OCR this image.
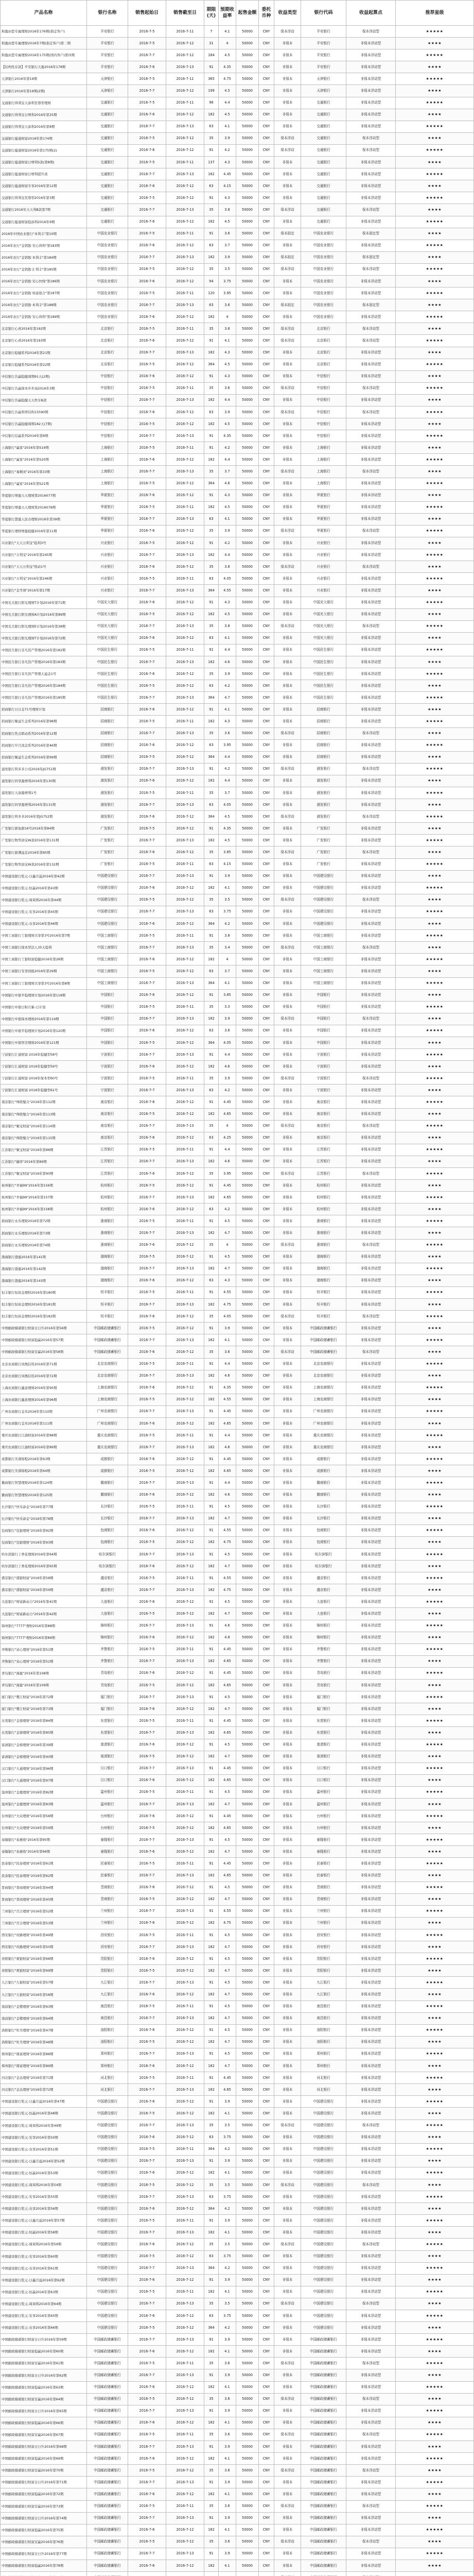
产品名称	银行名称	销售起始日	销售截至日	期限(天)	预期收益率	起售金额	委托币种	收益类型	银行代码	收益起算点	推荐星级
和盈由您专属理财2016年176期(指定客户)	平安银行	2016-7-5	2016-7-11	7	4.1	50000	CNY	保本浮动	平安银行	保本浮动型	★★★★★
和盈由您专属理财2016年7期(指定客户)第二期	平安银行	2016-7-5	2016-7-12	31	4	50000	CNY	非保本	平安银行	非保本浮动型	★★★★
和盈由您专属理财2016年175期(国内客户)第四期	平安银行	2016-7-7	2016-7-12	184	4.5	50000	CNY	非保本	平安银行	非保本浮动型	★★★★★
【结构性存款】平安银行天盈2016年178期	平安银行	2016-7-6	2016-7-13	91	4.35	50000	CNY	非保本	平安银行	非保本浮动型	★★★★
天津银行2016年第19期	天津银行	2016-7-5	2016-7-11	365	4.75	50000	CNY	非保本	天津银行	非保本浮动型	★★★★★
天津银行2016年第19期(2期)	天津银行	2016-7-7	2016-7-12	199	4.5	50000	CNY	非保本	天津银行	非保本浮动型	★★★★
交通银行得利宝天添利至尊型理财	交通银行	2016-7-5	2016-7-11	96	4.4	50000	CNY	非保本	交通银行	非保本浮动型	★★★★★
交通银行得利宝日增利2016年第25期	交通银行	2016-7-6	2016-7-12	182	4.5	50000	CNY	非保本	交通银行	非保本浮动型	★★★★
交通银行得利宝天添利2016年第8期	交通银行	2016-7-7	2016-7-13	63	4.1	50000	CNY	非保本	交通银行	非保本浮动型	★★★★★
交通银行蕴通财富2016年第174期	交通银行	2016-7-5	2016-7-12	35	3.9	50000	CNY	保本浮动	交通银行	保本浮动型	★★★★
交通银行蕴通财富2016年第175期(2)	交通银行	2016-7-6	2016-7-12	91	4.2	50000	CNY	保本浮动	交通银行	保本浮动型	★★★★★
交通银行蕴通财富日增利S款(第8期)	交通银行	2016-7-5	2016-7-11	137	4.3	50000	CNY	非保本	交通银行	非保本浮动型	★★★★
交通银行蕴通财富日增利提升款	交通银行	2016-7-7	2016-7-13	182	4.45	50000	CNY	非保本	交通银行	非保本浮动型	★★★★★
交通银行蕴通财富专享2016年第12期	交通银行	2016-7-6	2016-7-12	63	4.15	50000	CNY	非保本	交通银行	非保本浮动型	★★★★
交通银行得利宝至尊型2016年第3期	交通银行	2016-7-5	2016-7-12	91	4.3	50000	CNY	非保本	交通银行	非保本浮动型	★★★★★
交通银行2016年天天利B款第7期	交通银行	2016-7-7	2016-7-13	35	3.8	50000	CNY	保本浮动	交通银行	保本浮动型	★★★★
交通银行蕴通财富稳添利2016年9期	交通银行	2016-7-6	2016-7-12	182	4.5	50000	CNY	非保本	交通银行	非保本浮动型	★★★★★
2016年中国农业银行"本利丰"第10期	中国农业银行	2016-7-5	2016-7-11	91	3.6	50000	CNY	保本固定	中国农业银行	保本固定型	★★★★
2016年农行"金钥匙·安心得利"第183期	中国农业银行	2016-7-6	2016-7-12	63	3.7	50000	CNY	非保本	中国农业银行	非保本浮动型	★★★★★
2016年农行"金钥匙·本利丰"第184期	中国农业银行	2016-7-7	2016-7-13	182	3.9	50000	CNY	保本固定	中国农业银行	保本固定型	★★★★
2016年农行"金钥匙·汇利丰"第185期	中国农业银行	2016-7-5	2016-7-12	35	3.5	50000	CNY	保本浮动	中国农业银行	保本浮动型	★★★★★
2016年农行"金钥匙·安心快线"第186期	中国农业银行	2016-7-6	2016-7-12	94	3.75	50000	CNY	非保本	中国农业银行	非保本浮动型	★★★★
2016年农行"金钥匙·如意组合"第187期	中国农业银行	2016-7-5	2016-7-11	120	3.95	50000	CNY	非保本	中国农业银行	非保本浮动型	★★★★★
2016年农行"金钥匙·本利丰"第188期	中国农业银行	2016-7-7	2016-7-13	63	3.6	50000	CNY	保本固定	中国农业银行	保本固定型	★★★★
2016年农行"金钥匙·安心得利"第189期	中国农业银行	2016-7-6	2016-7-12	182	4	50000	CNY	非保本	中国农业银行	非保本浮动型	★★★★★
北京银行心喜2016年第192期	北京银行	2016-7-5	2016-7-11	35	3.8	50000	CNY	保本浮动	北京银行	保本浮动型	★★★★
北京银行心喜2016年第193期	北京银行	2016-7-6	2016-7-12	91	4.1	50000	CNY	保本浮动	北京银行	保本浮动型	★★★★★
北京银行稳健系列2016年第21期	北京银行	2016-7-7	2016-7-13	182	4.3	50000	CNY	非保本	北京银行	非保本浮动型	★★★★
北京银行稳健系列2016年第22期	北京银行	2016-7-5	2016-7-12	364	4.5	50000	CNY	非保本	北京银行	非保本浮动型	★★★★★
中信银行共赢稳健周期91天(2期)	中信银行	2016-7-6	2016-7-12	91	4.3	50000	CNY	非保本	中信银行	非保本浮动型	★★★★
中信银行共赢保本步步高2016年3期	中信银行	2016-7-5	2016-7-11	35	3.6	50000	CNY	保本浮动	中信银行	保本浮动型	★★★★★
中信银行共赢稳健天天快车B款	中信银行	2016-7-7	2016-7-13	182	4.4	50000	CNY	非保本	中信银行	非保本浮动型	★★★★
中信银行共赢利率结构15590期	中信银行	2016-7-6	2016-7-12	63	3.9	50000	CNY	保本浮动	中信银行	保本浮动型	★★★★★
中信银行共赢稳健周期182天(7期)	中信银行	2016-7-5	2016-7-12	182	4.5	50000	CNY	非保本	中信银行	非保本浮动型	★★★★
中信银行信赢系列2016年第8期	中信银行	2016-7-7	2016-7-13	91	4.35	50000	CNY	非保本	中信银行	非保本浮动型	★★★★★
上海银行"赢家"2016年第S19期	上海银行	2016-7-5	2016-7-11	91	4.2	50000	CNY	非保本	上海银行	非保本浮动型	★★★★
上海银行"赢家"2016年第S20期	上海银行	2016-7-6	2016-7-12	182	4.4	50000	CNY	非保本	上海银行	非保本浮动型	★★★★★
上海银行"易精灵"2016年第33期	上海银行	2016-7-7	2016-7-13	35	3.7	50000	CNY	保本浮动	上海银行	保本浮动型	★★★★
上海银行"赢家"2016年第S21期	上海银行	2016-7-5	2016-7-12	364	4.6	50000	CNY	非保本	上海银行	非保本浮动型	★★★★★
华夏银行增盈天天理财第2016077期	华夏银行	2016-7-6	2016-7-12	91	4.3	50000	CNY	非保本	华夏银行	非保本浮动型	★★★★
华夏银行增盈天天理财第2016078期	华夏银行	2016-7-5	2016-7-11	182	4.5	50000	CNY	非保本	华夏银行	非保本浮动型	★★★★★
华夏银行慧盈人民币理财2016年第39期	华夏银行	2016-7-7	2016-7-13	63	4.1	50000	CNY	非保本	华夏银行	非保本浮动型	★★★★
华夏银行理财增盈稳健2016年第11期	华夏银行	2016-7-6	2016-7-12	35	3.9	50000	CNY	保本浮动	华夏银行	保本浮动型	★★★★★
兴业银行"天天万利宝"稳利3号	兴业银行	2016-7-5	2016-7-12	91	4.2	50000	CNY	非保本	兴业银行	非保本浮动型	★★★★
兴业银行"万利宝"2016年第245期	兴业银行	2016-7-7	2016-7-13	182	4.4	50000	CNY	非保本	兴业银行	非保本浮动型	★★★★★
兴业银行"天天万利宝"悦动1号	兴业银行	2016-7-6	2016-7-12	35	3.8	50000	CNY	保本浮动	兴业银行	保本浮动型	★★★★
兴业银行"万利宝"2016年第246期	兴业银行	2016-7-5	2016-7-11	63	4.05	50000	CNY	非保本	兴业银行	非保本浮动型	★★★★★
兴业银行"金雪球"2016年第17期	兴业银行	2016-7-7	2016-7-13	364	4.55	50000	CNY	非保本	兴业银行	非保本浮动型	★★★★
中国光大银行阳光理财T计划2016年第71期	中国光大银行	2016-7-6	2016-7-12	91	4.3	50000	CNY	非保本	中国光大银行	非保本浮动型	★★★★★
中国光大银行阳光理财A计划2016年第89期	中国光大银行	2016-7-5	2016-7-12	182	4.5	50000	CNY	非保本	中国光大银行	非保本浮动型	★★★★
中国光大银行阳光理财E计划2016年第38期	中国光大银行	2016-7-7	2016-7-13	35	3.8	50000	CNY	保本浮动	中国光大银行	保本浮动型	★★★★★
中国光大银行阳光理财T计划2016年第72期	中国光大银行	2016-7-6	2016-7-12	63	4.1	50000	CNY	非保本	中国光大银行	非保本浮动型	★★★★
中国民生银行非凡资产管理2016年第182期	中国民生银行	2016-7-5	2016-7-11	91	4.4	50000	CNY	非保本	中国民生银行	非保本浮动型	★★★★★
中国民生银行非凡资产管理2016年第183期	中国民生银行	2016-7-7	2016-7-13	182	4.6	50000	CNY	非保本	中国民生银行	非保本浮动型	★★★★
中国民生银行非凡资产管理天溢金1号	中国民生银行	2016-7-6	2016-7-12	35	3.9	50000	CNY	非保本	中国民生银行	非保本浮动型	★★★★★
中国民生银行非凡资产管理2016年第184期	中国民生银行	2016-7-5	2016-7-12	63	4.2	50000	CNY	非保本	中国民生银行	非保本浮动型	★★★★
中国民生银行非凡资产管理2016年第185期	中国民生银行	2016-7-7	2016-7-13	364	4.7	50000	CNY	非保本	中国民生银行	非保本浮动型	★★★★★
招商银行日日金71号理财计划	招商银行	2016-7-6	2016-7-12	91	4.1	50000	CNY	非保本	招商银行	非保本浮动型	★★★★
招商银行聚益生金系列2016年第98期	招商银行	2016-7-5	2016-7-11	182	4.3	50000	CNY	非保本	招商银行	非保本浮动型	★★★★★
招商银行焦点联动系列2016年第12期	招商银行	2016-7-7	2016-7-13	35	3.6	50000	CNY	保本浮动	招商银行	保本浮动型	★★★★
招商银行岁月流金系列2016年第46期	招商银行	2016-7-6	2016-7-12	63	3.95	50000	CNY	非保本	招商银行	非保本浮动型	★★★★★
招商银行聚益生金系列2016年第99期	招商银行	2016-7-5	2016-7-12	364	4.4	50000	CNY	非保本	招商银行	非保本浮动型	★★★★
浦发银行利多多公司2016年JG751期	浦发银行	2016-7-7	2016-7-13	91	4.2	50000	CNY	保本浮动	浦发银行	保本浮动型	★★★★★
浦发银行同享盈增利2016年第130期	浦发银行	2016-7-6	2016-7-12	182	4.4	50000	CNY	非保本	浦发银行	非保本浮动型	★★★★
浦发银行天添盈增利1号	浦发银行	2016-7-5	2016-7-11	35	3.7	50000	CNY	非保本	浦发银行	非保本浮动型	★★★★★
浦发银行同享盈增利2016年第131期	浦发银行	2016-7-7	2016-7-13	63	4.05	50000	CNY	非保本	浦发银行	非保本浮动型	★★★★
浦发银行利多多2016年第JG752期	浦发银行	2016-7-6	2016-7-12	364	4.5	50000	CNY	保本浮动	浦发银行	保本浮动型	★★★★★
广发银行薪加薪16号2016年第84期	广发银行	2016-7-5	2016-7-12	91	4.35	50000	CNY	非保本	广发银行	非保本浮动型	★★★★
广发银行物华添宝W款2016年第131期	广发银行	2016-7-7	2016-7-13	182	4.5	50000	CNY	非保本	广发银行	非保本浮动型	★★★★★
广发银行薪满益足2016年第85期	广发银行	2016-7-6	2016-7-12	35	3.85	50000	CNY	保本浮动	广发银行	保本浮动型	★★★★
广发银行物华添宝W款2016年第132期	广发银行	2016-7-5	2016-7-11	63	4.15	50000	CNY	非保本	广发银行	非保本浮动型	★★★★★
中国建设银行乾元-日鑫月溢2016年第42期	中国建设银行	2016-7-7	2016-7-13	91	3.9	50000	CNY	非保本	中国建设银行	非保本浮动型	★★★★
中国建设银行乾元-恒赢2016年第43期	中国建设银行	2016-7-6	2016-7-12	182	4.1	50000	CNY	非保本	中国建设银行	非保本浮动型	★★★★★
中国建设银行乾元-周周利2016年第44期	中国建设银行	2016-7-5	2016-7-12	35	3.5	50000	CNY	保本浮动	中国建设银行	保本浮动型	★★★★
中国建设银行乾元-安享2016年第45期	中国建设银行	2016-7-7	2016-7-13	63	3.75	50000	CNY	非保本	中国建设银行	非保本浮动型	★★★★★
中国建设银行乾元-众享2016年第46期	中国建设银行	2016-7-6	2016-7-12	364	4.2	50000	CNY	非保本	中国建设银行	非保本浮动型	★★★★
中国工商银行工银理财共享第3号2016年第7期	中国工商银行	2016-7-5	2016-7-11	91	3.8	50000	CNY	非保本	中国工商银行	非保本浮动型	★★★★★
中国工商银行保本型法人35天稳利	中国工商银行	2016-7-7	2016-7-13	35	3.4	50000	CNY	保本浮动	中国工商银行	保本浮动型	★★★★
中国工商银行工银财富稳健2016年第28期	中国工商银行	2016-7-6	2016-7-12	182	4	50000	CNY	非保本	中国工商银行	非保本浮动型	★★★★★
中国工商银行安享回报2016年第29期	中国工商银行	2016-7-5	2016-7-12	63	3.7	50000	CNY	非保本	中国工商银行	非保本浮动型	★★★★
中国工商银行工银理财共享第3号2016年第8期	中国工商银行	2016-7-7	2016-7-13	364	4.1	50000	CNY	非保本	中国工商银行	非保本浮动型	★★★★★
中国银行中银平稳理财计划2016年第118期	中国银行	2016-7-6	2016-7-12	91	3.85	50000	CNY	非保本	中国银行	非保本浮动型	★★★★
中国银行中银日积月累-日计划	中国银行	2016-7-5	2016-7-11	35	3.3	50000	CNY	非保本	中国银行	非保本浮动型	★★★★★
中国银行中银保本理财2016年第119期	中国银行	2016-7-7	2016-7-13	182	3.9	50000	CNY	保本浮动	中国银行	保本浮动型	★★★★
中国银行中银平稳理财计划2016年第120期	中国银行	2016-7-6	2016-7-12	63	3.6	50000	CNY	非保本	中国银行	非保本浮动型	★★★★★
中国银行中银智荟理财2016年第121期	中国银行	2016-7-5	2016-7-12	364	4.05	50000	CNY	非保本	中国银行	非保本浮动型	★★★★
宁波银行汇通财富·2016年稳健型58号	宁波银行	2016-7-7	2016-7-13	91	4.4	50000	CNY	非保本	宁波银行	非保本浮动型	★★★★★
宁波银行汇通财富·2016年稳健型59号	宁波银行	2016-7-6	2016-7-12	182	4.6	50000	CNY	非保本	宁波银行	非保本浮动型	★★★★
宁波银行汇通财富·2016年保本型60号	宁波银行	2016-7-5	2016-7-11	35	3.9	50000	CNY	保本浮动	宁波银行	保本浮动型	★★★★★
宁波银行汇通财富·2016年稳健型61号	宁波银行	2016-7-7	2016-7-13	63	4.2	50000	CNY	非保本	宁波银行	非保本浮动型	★★★★
南京银行"珠联璧合"2016年第112期	南京银行	2016-7-6	2016-7-12	91	4.45	50000	CNY	非保本	南京银行	非保本浮动型	★★★★★
南京银行"珠联璧合"2016年第113期	南京银行	2016-7-5	2016-7-12	182	4.65	50000	CNY	非保本	南京银行	非保本浮动型	★★★★
南京银行"聚宝财富"2016年第114期	南京银行	2016-7-7	2016-7-13	35	4	50000	CNY	保本浮动	南京银行	保本浮动型	★★★★★
南京银行"珠联璧合"2016年第115期	南京银行	2016-7-6	2016-7-12	63	4.25	50000	CNY	非保本	南京银行	非保本浮动型	★★★★
江苏银行"聚宝财富"2016年第88期	江苏银行	2016-7-5	2016-7-11	91	4.4	50000	CNY	非保本	江苏银行	非保本浮动型	★★★★★
江苏银行"融享"2016年第89期	江苏银行	2016-7-7	2016-7-13	182	4.6	50000	CNY	非保本	江苏银行	非保本浮动型	★★★★
江苏银行"聚宝财富"2016年第90期	江苏银行	2016-7-6	2016-7-12	35	3.95	50000	CNY	保本浮动	江苏银行	保本浮动型	★★★★★
杭州银行"幸福99"2016年第156期	杭州银行	2016-7-5	2016-7-12	91	4.45	50000	CNY	非保本	杭州银行	非保本浮动型	★★★★
杭州银行"幸福99"2016年第157期	杭州银行	2016-7-7	2016-7-13	182	4.65	50000	CNY	非保本	杭州银行	非保本浮动型	★★★★★
杭州银行"幸福99"2016年第158期	杭州银行	2016-7-6	2016-7-12	63	4.2	50000	CNY	非保本	杭州银行	非保本浮动型	★★★★
浙商银行永乐理财2016年第72期	浙商银行	2016-7-5	2016-7-11	91	4.5	50000	CNY	非保本	浙商银行	非保本浮动型	★★★★★
浙商银行永乐理财2016年第73期	浙商银行	2016-7-7	2016-7-13	182	4.7	50000	CNY	非保本	浙商银行	非保本浮动型	★★★★
浙商银行永乐理财2016年第74期	浙商银行	2016-7-6	2016-7-12	35	4	50000	CNY	保本浮动	浙商银行	保本浮动型	★★★★★
渤海银行渤盈2016年第141期	渤海银行	2016-7-5	2016-7-12	91	4.5	50000	CNY	非保本	渤海银行	非保本浮动型	★★★★
渤海银行渤盈2016年第142期	渤海银行	2016-7-7	2016-7-13	182	4.7	50000	CNY	非保本	渤海银行	非保本浮动型	★★★★★
渤海银行渤盈2016年第143期	渤海银行	2016-7-6	2016-7-12	63	4.3	50000	CNY	非保本	渤海银行	非保本浮动型	★★★★
恒丰银行恒裕金理财2016年第180期	恒丰银行	2016-7-5	2016-7-11	91	4.55	50000	CNY	非保本	恒丰银行	非保本浮动型	★★★★★
恒丰银行恒裕金理财2016年第181期	恒丰银行	2016-7-7	2016-7-13	182	4.75	50000	CNY	非保本	恒丰银行	非保本浮动型	★★★★
恒丰银行恒裕金理财2016年第182期	恒丰银行	2016-7-6	2016-7-12	35	4.05	50000	CNY	保本浮动	恒丰银行	保本浮动型	★★★★★
中国邮政储蓄银行财富日日升2016年第56期	中国邮政储蓄银行	2016-7-5	2016-7-12	91	3.9	50000	CNY	非保本	中国邮政储蓄银行	非保本浮动型	★★★★
中国邮政储蓄银行财富稳赢2016年第57期	中国邮政储蓄银行	2016-7-7	2016-7-13	182	4.1	50000	CNY	非保本	中国邮政储蓄银行	非保本浮动型	★★★★★
中国邮政储蓄银行财富安赢2016年第58期	中国邮政储蓄银行	2016-7-6	2016-7-12	35	3.6	50000	CNY	保本浮动	中国邮政储蓄银行	保本浮动型	★★★★
北京农商银行凤凰信用2016年第71期	北京农商银行	2016-7-5	2016-7-11	91	4.4	50000	CNY	非保本	北京农商银行	非保本浮动型	★★★★★
北京农商银行凤凰信用2016年第72期	北京农商银行	2016-7-7	2016-7-13	182	4.6	50000	CNY	非保本	北京农商银行	非保本浮动型	★★★★
上海农商银行鑫意理财2016年第95期	上海农商银行	2016-7-6	2016-7-12	91	4.35	50000	CNY	非保本	上海农商银行	非保本浮动型	★★★★★
上海农商银行鑫意理财2016年第96期	上海农商银行	2016-7-5	2016-7-12	182	4.55	50000	CNY	非保本	上海农商银行	非保本浮动型	★★★★
广州农商银行金米2016年第110期	广州农商银行	2016-7-7	2016-7-13	91	4.45	50000	CNY	非保本	广州农商银行	非保本浮动型	★★★★★
广州农商银行金米2016年第111期	广州农商银行	2016-7-6	2016-7-12	182	4.65	50000	CNY	非保本	广州农商银行	非保本浮动型	★★★★
重庆农商银行江渝财富2016年第88期	重庆农商银行	2016-7-5	2016-7-11	91	4.4	50000	CNY	非保本	重庆农商银行	非保本浮动型	★★★★★
重庆农商银行江渝财富2016年第89期	重庆农商银行	2016-7-7	2016-7-13	182	4.6	50000	CNY	非保本	重庆农商银行	非保本浮动型	★★★★
成都银行芙蓉锦程2016年第63期	成都银行	2016-7-6	2016-7-12	91	4.45	50000	CNY	非保本	成都银行	非保本浮动型	★★★★★
成都银行芙蓉锦程2016年第64期	成都银行	2016-7-5	2016-7-12	182	4.65	50000	CNY	非保本	成都银行	非保本浮动型	★★★★
徽商银行智慧理财2016年第124期	徽商银行	2016-7-7	2016-7-13	91	4.4	50000	CNY	非保本	徽商银行	非保本浮动型	★★★★★
徽商银行智慧理财2016年第125期	徽商银行	2016-7-6	2016-7-12	182	4.6	50000	CNY	非保本	徽商银行	非保本浮动型	★★★★
长沙银行"快乐添金"2016年第77期	长沙银行	2016-7-5	2016-7-11	91	4.5	50000	CNY	非保本	长沙银行	非保本浮动型	★★★★★
长沙银行"快乐添金"2016年第78期	长沙银行	2016-7-7	2016-7-13	182	4.7	50000	CNY	非保本	长沙银行	非保本浮动型	★★★★
包商银行"包银理财"2016年第92期	包商银行	2016-7-6	2016-7-12	91	4.55	50000	CNY	非保本	包商银行	非保本浮动型	★★★★★
包商银行"包银理财"2016年第93期	包商银行	2016-7-5	2016-7-12	182	4.75	50000	CNY	非保本	包商银行	非保本浮动型	★★★★
哈尔滨银行丁香花理财2016年第64期	哈尔滨银行	2016-7-7	2016-7-13	91	4.5	50000	CNY	非保本	哈尔滨银行	非保本浮动型	★★★★★
哈尔滨银行丁香花理财2016年第65期	哈尔滨银行	2016-7-6	2016-7-12	182	4.7	50000	CNY	非保本	哈尔滨银行	非保本浮动型	★★★★
盛京银行"盛银财富"2016年第58期	盛京银行	2016-7-5	2016-7-11	91	4.55	50000	CNY	非保本	盛京银行	非保本浮动型	★★★★★
盛京银行"盛银财富"2016年第59期	盛京银行	2016-7-7	2016-7-13	182	4.75	50000	CNY	非保本	盛京银行	非保本浮动型	★★★★
大连银行"财富新动力"2016年第41期	大连银行	2016-7-6	2016-7-12	91	4.5	50000	CNY	非保本	大连银行	非保本浮动型	★★★★★
大连银行"财富新动力"2016年第42期	大连银行	2016-7-5	2016-7-12	182	4.7	50000	CNY	非保本	大连银行	非保本浮动型	★★★★
锦州银行"7777"理财2016年第88期	锦州银行	2016-7-7	2016-7-13	91	4.6	50000	CNY	非保本	锦州银行	非保本浮动型	★★★★★
锦州银行"7777"理财2016年第89期	锦州银行	2016-7-6	2016-7-12	182	4.8	50000	CNY	非保本	锦州银行	非保本浮动型	★★★★
齐鲁银行"泉心理财"2016年第51期	齐鲁银行	2016-7-5	2016-7-11	91	4.45	50000	CNY	非保本	齐鲁银行	非保本浮动型	★★★★★
齐鲁银行"泉心理财"2016年第52期	齐鲁银行	2016-7-7	2016-7-13	182	4.65	50000	CNY	非保本	齐鲁银行	非保本浮动型	★★★★
青岛银行"海盈"2016年第108期	青岛银行	2016-7-6	2016-7-12	91	4.45	50000	CNY	非保本	青岛银行	非保本浮动型	★★★★★
青岛银行"海盈"2016年第109期	青岛银行	2016-7-5	2016-7-12	182	4.65	50000	CNY	非保本	青岛银行	非保本浮动型	★★★★
厦门银行"鹭江财富"2016年第72期	厦门银行	2016-7-7	2016-7-13	91	4.5	50000	CNY	非保本	厦门银行	非保本浮动型	★★★★★
厦门银行"鹭江财富"2016年第73期	厦门银行	2016-7-6	2016-7-12	182	4.7	50000	CNY	非保本	厦门银行	非保本浮动型	★★★★
东莞银行"金鼎理财"2016年第84期	东莞银行	2016-7-5	2016-7-11	91	4.45	50000	CNY	非保本	东莞银行	非保本浮动型	★★★★★
东莞银行"金鼎理财"2016年第85期	东莞银行	2016-7-7	2016-7-13	182	4.65	50000	CNY	非保本	东莞银行	非保本浮动型	★★★★
富滇银行"金榜理财"2016年第39期	富滇银行	2016-7-6	2016-7-12	91	4.5	50000	CNY	非保本	富滇银行	非保本浮动型	★★★★★
富滇银行"金榜理财"2016年第40期	富滇银行	2016-7-5	2016-7-12	182	4.7	50000	CNY	非保本	富滇银行	非保本浮动型	★★★★
汉口银行"九通理财"2016年第96期	汉口银行	2016-7-7	2016-7-13	91	4.45	50000	CNY	非保本	汉口银行	非保本浮动型	★★★★★
汉口银行"九通理财"2016年第97期	汉口银行	2016-7-6	2016-7-12	182	4.65	50000	CNY	非保本	汉口银行	非保本浮动型	★★★★
温州银行"金鹿理财"2016年第82期	温州银行	2016-7-5	2016-7-11	91	4.5	50000	CNY	非保本	温州银行	非保本浮动型	★★★★★
温州银行"金鹿理财"2016年第83期	温州银行	2016-7-7	2016-7-13	182	4.7	50000	CNY	非保本	温州银行	非保本浮动型	★★★★
台州银行"大众理财"2016年第58期	台州银行	2016-7-6	2016-7-12	91	4.45	50000	CNY	非保本	台州银行	非保本浮动型	★★★★★
台州银行"大众理财"2016年第59期	台州银行	2016-7-5	2016-7-12	182	4.65	50000	CNY	非保本	台州银行	非保本浮动型	★★★★
泰隆银行"泰惠收"2016年第95期	泰隆银行	2016-7-7	2016-7-13	91	4.5	50000	CNY	非保本	泰隆银行	非保本浮动型	★★★★★
泰隆银行"泰惠收"2016年第96期	泰隆银行	2016-7-6	2016-7-12	182	4.7	50000	CNY	非保本	泰隆银行	非保本浮动型	★★★★
民泰银行"民泰理财"2016年第61期	民泰银行	2016-7-5	2016-7-11	91	4.45	50000	CNY	非保本	民泰银行	非保本浮动型	★★★★★
民泰银行"民泰理财"2016年第62期	民泰银行	2016-7-7	2016-7-13	182	4.65	50000	CNY	非保本	民泰银行	非保本浮动型	★★★★
晋商银行"晋商理财"2016年第44期	晋商银行	2016-7-6	2016-7-12	91	4.5	50000	CNY	非保本	晋商银行	非保本浮动型	★★★★★
晋商银行"晋商理财"2016年第45期	晋商银行	2016-7-5	2016-7-12	182	4.7	50000	CNY	非保本	晋商银行	非保本浮动型	★★★★
兰州银行"百合理财"2016年第52期	兰州银行	2016-7-7	2016-7-13	91	4.55	50000	CNY	非保本	兰州银行	非保本浮动型	★★★★★
兰州银行"百合理财"2016年第53期	兰州银行	2016-7-6	2016-7-12	182	4.75	50000	CNY	非保本	兰州银行	非保本浮动型	★★★★
西安银行"丝路理财"2016年第49期	西安银行	2016-7-5	2016-7-11	91	4.5	50000	CNY	非保本	西安银行	非保本浮动型	★★★★★
西安银行"丝路理财"2016年第50期	西安银行	2016-7-7	2016-7-13	182	4.7	50000	CNY	非保本	西安银行	非保本浮动型	★★★★
贵阳银行"爽银财富"2016年第68期	贵阳银行	2016-7-6	2016-7-12	91	4.5	50000	CNY	非保本	贵阳银行	非保本浮动型	★★★★★
贵阳银行"爽银财富"2016年第69期	贵阳银行	2016-7-5	2016-7-12	182	4.7	50000	CNY	非保本	贵阳银行	非保本浮动型	★★★★
九江银行"九银财富"2016年第57期	九江银行	2016-7-7	2016-7-13	91	4.5	50000	CNY	非保本	九江银行	非保本浮动型	★★★★★
九江银行"九银财富"2016年第58期	九江银行	2016-7-6	2016-7-12	182	4.7	50000	CNY	非保本	九江银行	非保本浮动型	★★★★
南昌银行"金鹭理财"2016年第63期	南昌银行	2016-7-5	2016-7-11	91	4.5	50000	CNY	非保本	南昌银行	非保本浮动型	★★★★★
南昌银行"金鹭理财"2016年第64期	南昌银行	2016-7-7	2016-7-13	182	4.7	50000	CNY	非保本	南昌银行	非保本浮动型	★★★★
洛阳银行"牡丹理财"2016年第47期	洛阳银行	2016-7-6	2016-7-12	91	4.5	50000	CNY	非保本	洛阳银行	非保本浮动型	★★★★★
洛阳银行"牡丹理财"2016年第48期	洛阳银行	2016-7-5	2016-7-12	182	4.7	50000	CNY	非保本	洛阳银行	非保本浮动型	★★★★
郑州银行"鼎富理财"2016年第88期	郑州银行	2016-7-7	2016-7-13	91	4.5	50000	CNY	非保本	郑州银行	非保本浮动型	★★★★★
郑州银行"鼎富理财"2016年第89期	郑州银行	2016-7-6	2016-7-12	182	4.7	50000	CNY	非保本	郑州银行	非保本浮动型	★★★★
河北银行"金达理财"2016年第71期	河北银行	2016-7-5	2016-7-11	91	4.45	50000	CNY	非保本	河北银行	非保本浮动型	★★★★★
河北银行"金达理财"2016年第72期	河北银行	2016-7-7	2016-7-13	182	4.65	50000	CNY	非保本	河北银行	非保本浮动型	★★★★
中国建设银行乾元-日鑫月溢2016年第47期	中国建设银行	2016-7-6	2016-7-12	91	3.9	50000	CNY	非保本	中国建设银行	非保本浮动型	★★★★★
中国建设银行乾元-恒赢2016年第48期	中国建设银行	2016-7-5	2016-7-12	182	4.1	50000	CNY	非保本	中国建设银行	非保本浮动型	★★★★
中国建设银行乾元-周周利2016年第49期	中国建设银行	2016-7-7	2016-7-13	35	3.5	50000	CNY	保本浮动	中国建设银行	保本浮动型	★★★★★
中国建设银行乾元-安享2016年第50期	中国建设银行	2016-7-6	2016-7-12	63	3.75	50000	CNY	非保本	中国建设银行	非保本浮动型	★★★★
中国建设银行乾元-众享2016年第51期	中国建设银行	2016-7-5	2016-7-11	364	4.2	50000	CNY	非保本	中国建设银行	非保本浮动型	★★★★★
中国建设银行乾元-日鑫月溢2016年第52期	中国建设银行	2016-7-7	2016-7-13	91	3.9	50000	CNY	非保本	中国建设银行	非保本浮动型	★★★★
中国建设银行乾元-恒赢2016年第53期	中国建设银行	2016-7-6	2016-7-12	182	4.1	50000	CNY	非保本	中国建设银行	非保本浮动型	★★★★★
中国建设银行乾元-周周利2016年第54期	中国建设银行	2016-7-5	2016-7-12	35	3.5	50000	CNY	保本浮动	中国建设银行	保本浮动型	★★★★
中国建设银行乾元-安享2016年第55期	中国建设银行	2016-7-7	2016-7-13	63	3.75	50000	CNY	非保本	中国建设银行	非保本浮动型	★★★★★
中国建设银行乾元-众享2016年第56期	中国建设银行	2016-7-6	2016-7-12	364	4.2	50000	CNY	非保本	中国建设银行	非保本浮动型	★★★★
中国建设银行乾元-日鑫月溢2016年第57期	中国建设银行	2016-7-5	2016-7-11	91	3.9	50000	CNY	非保本	中国建设银行	非保本浮动型	★★★★★
中国建设银行乾元-恒赢2016年第58期	中国建设银行	2016-7-7	2016-7-13	182	4.1	50000	CNY	非保本	中国建设银行	非保本浮动型	★★★★
中国建设银行乾元-周周利2016年第59期	中国建设银行	2016-7-6	2016-7-12	35	3.5	50000	CNY	保本浮动	中国建设银行	保本浮动型	★★★★★
中国建设银行乾元-安享2016年第60期	中国建设银行	2016-7-5	2016-7-12	63	3.75	50000	CNY	非保本	中国建设银行	非保本浮动型	★★★★
中国建设银行乾元-众享2016年第61期	中国建设银行	2016-7-7	2016-7-13	364	4.2	50000	CNY	非保本	中国建设银行	非保本浮动型	★★★★★
中国建设银行乾元-日鑫月溢2016年第62期	中国建设银行	2016-7-6	2016-7-12	91	3.9	50000	CNY	非保本	中国建设银行	非保本浮动型	★★★★
中国建设银行乾元-恒赢2016年第63期	中国建设银行	2016-7-5	2016-7-11	182	4.1	50000	CNY	非保本	中国建设银行	非保本浮动型	★★★★★
中国建设银行乾元-周周利2016年第64期	中国建设银行	2016-7-7	2016-7-13	35	3.5	50000	CNY	保本浮动	中国建设银行	保本浮动型	★★★★
中国建设银行乾元-安享2016年第65期	中国建设银行	2016-7-6	2016-7-12	63	3.75	50000	CNY	非保本	中国建设银行	非保本浮动型	★★★★★
中国建设银行乾元-众享2016年第66期	中国建设银行	2016-7-5	2016-7-12	364	4.2	50000	CNY	非保本	中国建设银行	非保本浮动型	★★★★
中国邮政储蓄银行财富日日升2016年第59期	中国邮政储蓄银行	2016-7-7	2016-7-13	91	3.9	50000	CNY	非保本	中国邮政储蓄银行	非保本浮动型	★★★★★
中国邮政储蓄银行财富稳赢2016年第60期	中国邮政储蓄银行	2016-7-6	2016-7-12	182	4.1	50000	CNY	非保本	中国邮政储蓄银行	非保本浮动型	★★★★
中国邮政储蓄银行财富安赢2016年第61期	中国邮政储蓄银行	2016-7-5	2016-7-11	35	3.6	50000	CNY	保本浮动	中国邮政储蓄银行	保本浮动型	★★★★★
中国邮政储蓄银行财富日日升2016年第62期	中国邮政储蓄银行	2016-7-7	2016-7-13	91	3.9	50000	CNY	非保本	中国邮政储蓄银行	非保本浮动型	★★★★
中国邮政储蓄银行财富稳赢2016年第63期	中国邮政储蓄银行	2016-7-6	2016-7-12	182	4.1	50000	CNY	非保本	中国邮政储蓄银行	非保本浮动型	★★★★★
中国邮政储蓄银行财富安赢2016年第64期	中国邮政储蓄银行	2016-7-5	2016-7-12	35	3.6	50000	CNY	保本浮动	中国邮政储蓄银行	保本浮动型	★★★★
中国邮政储蓄银行财富日日升2016年第65期	中国邮政储蓄银行	2016-7-7	2016-7-13	91	3.9	50000	CNY	非保本	中国邮政储蓄银行	非保本浮动型	★★★★★
中国邮政储蓄银行财富稳赢2016年第66期	中国邮政储蓄银行	2016-7-6	2016-7-12	182	4.1	50000	CNY	非保本	中国邮政储蓄银行	非保本浮动型	★★★★
中国邮政储蓄银行财富安赢2016年第67期	中国邮政储蓄银行	2016-7-5	2016-7-11	35	3.6	50000	CNY	保本浮动	中国邮政储蓄银行	保本浮动型	★★★★★
中国邮政储蓄银行财富日日升2016年第68期	中国邮政储蓄银行	2016-7-7	2016-7-13	91	3.9	50000	CNY	非保本	中国邮政储蓄银行	非保本浮动型	★★★★
中国邮政储蓄银行财富稳赢2016年第69期	中国邮政储蓄银行	2016-7-6	2016-7-12	182	4.1	50000	CNY	非保本	中国邮政储蓄银行	非保本浮动型	★★★★★
中国邮政储蓄银行财富安赢2016年第70期	中国邮政储蓄银行	2016-7-5	2016-7-12	35	3.6	50000	CNY	保本浮动	中国邮政储蓄银行	保本浮动型	★★★★
中国邮政储蓄银行财富日日升2016年第71期	中国邮政储蓄银行	2016-7-7	2016-7-13	91	3.9	50000	CNY	非保本	中国邮政储蓄银行	非保本浮动型	★★★★★
中国邮政储蓄银行财富稳赢2016年第72期	中国邮政储蓄银行	2016-7-6	2016-7-12	182	4.1	50000	CNY	非保本	中国邮政储蓄银行	非保本浮动型	★★★★
中国邮政储蓄银行财富安赢2016年第73期	中国邮政储蓄银行	2016-7-5	2016-7-11	35	3.6	50000	CNY	保本浮动	中国邮政储蓄银行	保本浮动型	★★★★★
中国邮政储蓄银行财富日日升2016年第74期	中国邮政储蓄银行	2016-7-7	2016-7-13	91	3.9	50000	CNY	非保本	中国邮政储蓄银行	非保本浮动型	★★★★
中国邮政储蓄银行财富稳赢2016年第75期	中国邮政储蓄银行	2016-7-6	2016-7-12	182	4.1	50000	CNY	非保本	中国邮政储蓄银行	非保本浮动型	★★★★★
中国邮政储蓄银行财富安赢2016年第76期	中国邮政储蓄银行	2016-7-5	2016-7-12	35	3.6	50000	CNY	保本浮动	中国邮政储蓄银行	保本浮动型	★★★★
中国邮政储蓄银行财富日日升2016年第77期	中国邮政储蓄银行	2016-7-7	2016-7-13	91	3.9	50000	CNY	非保本	中国邮政储蓄银行	非保本浮动型	★★★★★
中国邮政储蓄银行财富稳赢2016年第78期	中国邮政储蓄银行	2016-7-6	2016-7-12	182	4.1	50000	CNY	非保本	中国邮政储蓄银行	非保本浮动型	★★★★
